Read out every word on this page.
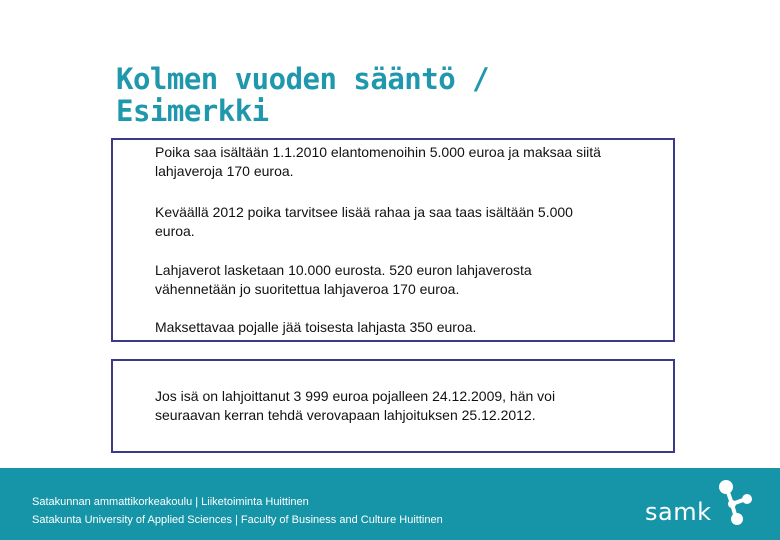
Kolmen vuoden sääntö /
Esimerkki
Poika saa isältään 1.1.2010 elantomenoihin 5.000 euroa ja maksaa siitä
lahjaveroja 170 euroa.
Keväällä 2012 poika tarvitsee lisää rahaa ja saa taas isältään 5.000
euroa.
Lahjaverot lasketaan 10.000 eurosta. 520 euron lahjaverosta
vähennetään jo suoritettua lahjaveroa 170 euroa.
Maksettavaa pojalle jää toisesta lahjasta 350 euroa.
Jos isä on lahjoittanut 3 999 euroa pojalleen 24.12.2009, hän voi
seuraavan kerran tehdä verovapaan lahjoituksen 25.12.2012.
Satakunnan ammattikorkeakoulu | Liiketoiminta Huittinen
Satakunta University of Applied Sciences | Faculty of Business and Culture Huittinen	samk
